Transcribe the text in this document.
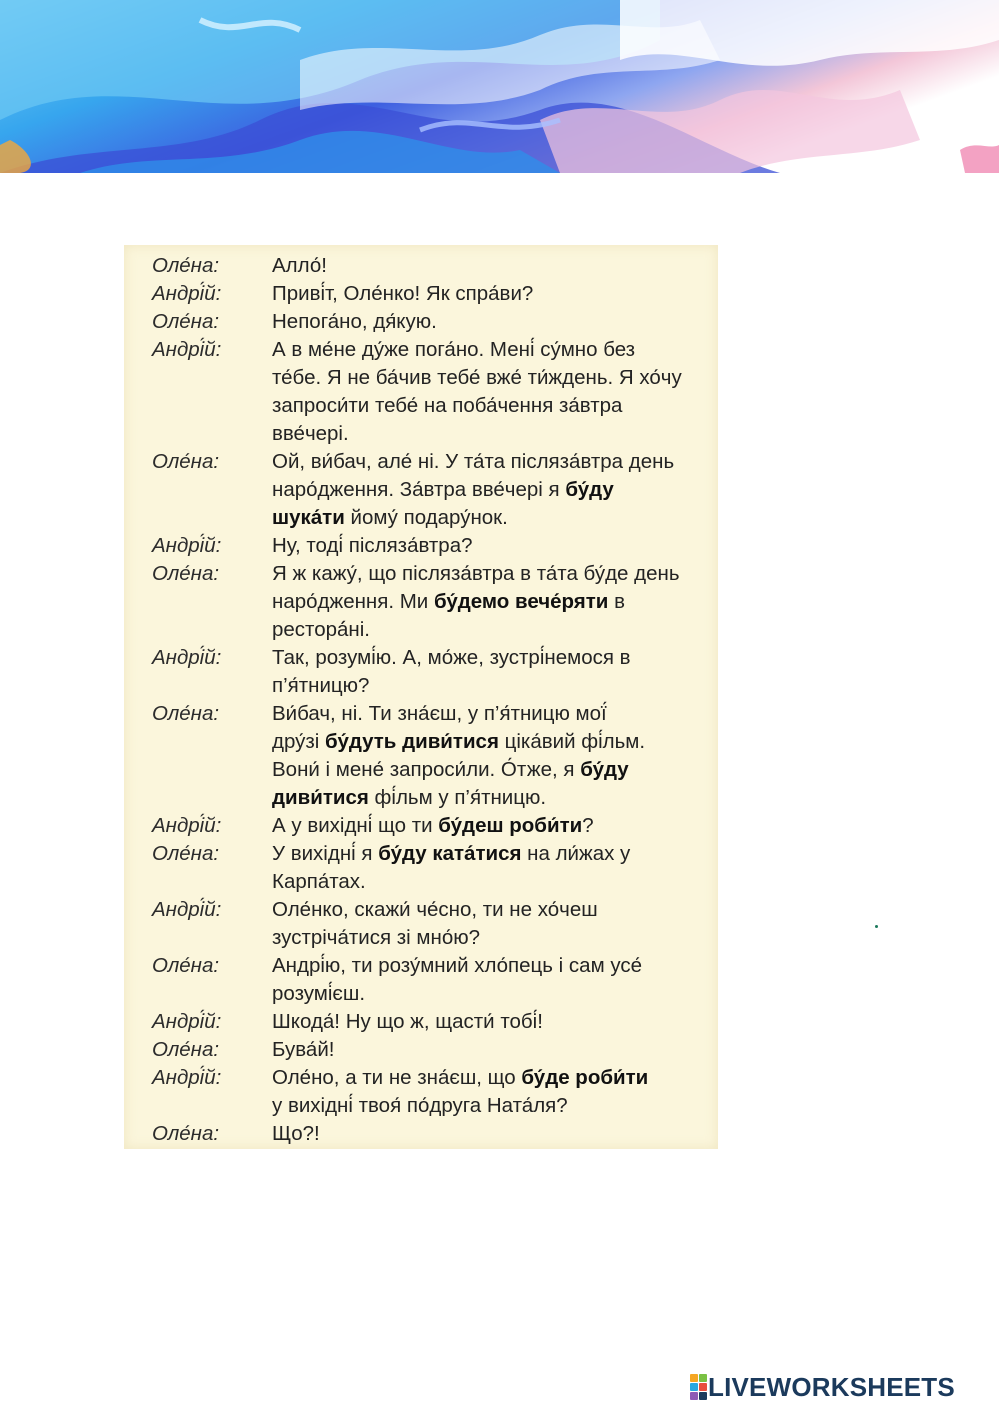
Оле́на:	Алло́!
Андрі́й: Приві́т, Оле́нко! Як спра́ви?
Оле́на:	Непога́но, дя́кую.
Андрі́й: А в ме́не ду́же пога́но. Мені́ су́мно без
те́бе. Я не ба́чив тебе́ вже́ ти́ждень. Я хо́чу
запроси́ти тебе́ на поба́чення за́втра
вве́чері.
Оле́на:	Ой, ви́бач, але́ ні. У та́та післяза́втра день
наро́дження. За́втра вве́чері я бу́ду
шука́ти йому́ подару́нок.
Андрі́й: Ну, тоді́ післяза́втра?
Оле́на:	Я ж кажу́, що післяза́втра в та́та бу́де день
наро́дження. Ми бу́демо вече́ряти в
ресторá́ні.
Андрі́й: Так, розумі́ю. А, мо́же, зустрі́немося в
п’я́тницю?
Оле́на:	Ви́бач, ні. Ти зна́єш, у п’я́тницю мої́
дру́зі бу́дуть диви́тися ціка́вий фі́льм.
Вони́ і мене́ запроси́ли. О́тже, я бу́ду
диви́тися фі́льм у п’я́тницю.
Андрі́й: А у вихідні́ що ти бу́деш роби́ти?
Оле́на:	У вихідні́ я бу́ду ката́тися на ли́жах у
Карпа́тах.
Андрі́й: Оле́нко, скажи́ че́сно, ти не хо́чеш
зустріча́тися зі мно́ю?
Оле́на:	Андрі́ю, ти розу́мний хло́пець і сам усе́
розумі́єш.
Андрі́й: Шкода́! Ну що ж, щасти́ тобі́!
Оле́на:	Бува́й!
Андрі́й: Оле́но, а ти не зна́єш, що бу́де роби́ти
у вихідні́ твоя́ по́друга Ната́ля?
Оле́на:	Що?!
LIVEWORKSHEETS
